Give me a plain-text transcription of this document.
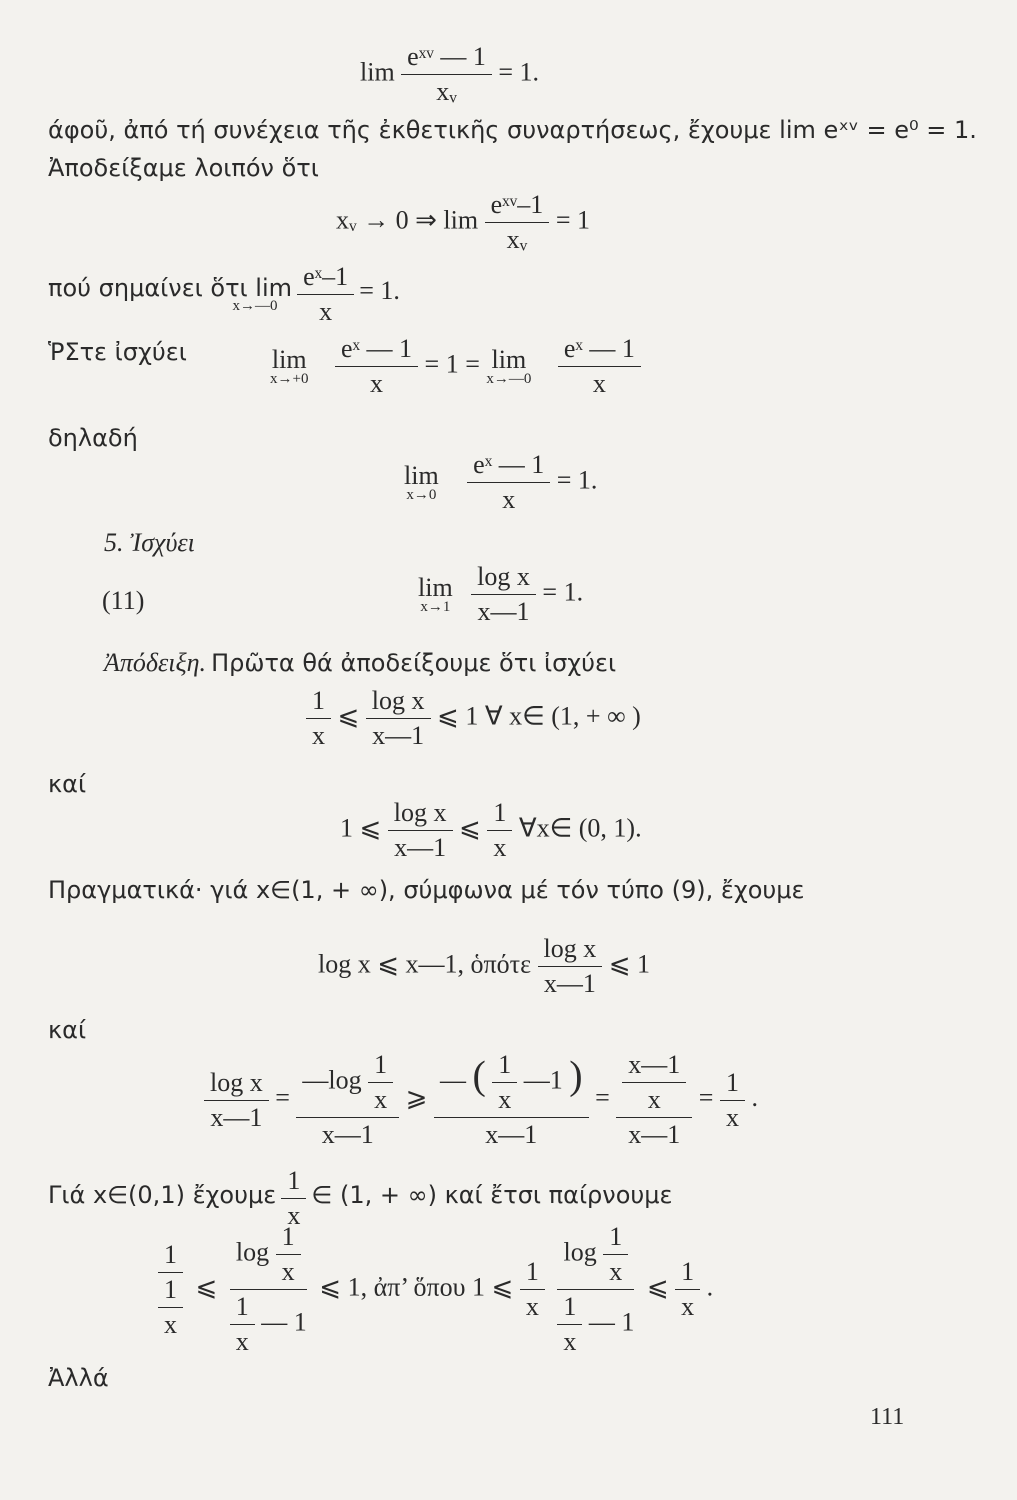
$\lim \frac{\text{eˣᵛ — 1}}{\text{xᵥ}} = 1$.
άφοῦ, ἀπό τή συνέχεια τῆς ἐκθετικῆς συναρτήσεως, ἔχουμε lim eˣᵛ = e⁰ = 1.
Ἀποδείξαμε λοιπόν ὅτι
xᵥ → 0 ⇒ $\lim \frac{\text{eˣᵛ–1}}{\text{xᵥ}} = 1$
πού σημαίνει ὅτι lim
x→—0
$\frac{\text{eˣ–1}}{x} = 1$.
ῬΣτε ἰσχύει	lim
x→+0
$\frac{\text{eˣ — 1}}{x} = 1 = \lim$
x→—0
$\frac{\text{eˣ — 1}}{x}$
δηλαδή
lim
x→0
$\frac{\text{eˣ — 1}}{x} = 1$.
5. Ἰσχύει
(11)	lim
x→1
$\frac{\text{log x}}{x—1} = 1$.
Ἀπόδειξη. Πρῶτα θά ἀποδείξουμε ὅτι ἰσχύει
$\frac{1}{x}$ ⩽ $\frac{\text{log x}}{x—1}$ ⩽ 1 ∀ x∈ (1, + ∞ )
καί
1 ⩽ $\frac{\text{log x}}{x—1}$ ⩽ $\frac{1}{x}$ ∀x∈ (0, 1).
Πραγματικά· γιά x∈(1, + ∞), σύμφωνα μέ τόν τύπο (9), ἔχουμε
log x ⩽ x—1, ὁπότε $\frac{\text{log x}}{x—1}$ ⩽ 1
καί
$\frac{\text{log x}}{x—1} = \frac{—\log \frac{1}{x}}{x—1}$ ⩾ $\frac{— ( \frac{1}{x} —1 )}{x—1} = \frac{\frac{x—1}{x}}{x—1} = \frac{1}{x}$ .
Γιά x∈(0,1) ἔχουμε $\frac{1}{x}$ ∈ (1, + ∞) καί ἔτσι παίρνουμε
$\frac{1}{\frac{1}{x}}$ ⩽ $\frac{\log \frac{1}{x}}{\frac{1}{x} — 1}$ ⩽ 1, ἀπ’ ὅπου 1 ⩽ $\frac{1}{x}$
$\frac{\log \frac{1}{x}}{\frac{1}{x} — 1}$ ⩽ $\frac{1}{x}$ .
Ἀλλά
111
